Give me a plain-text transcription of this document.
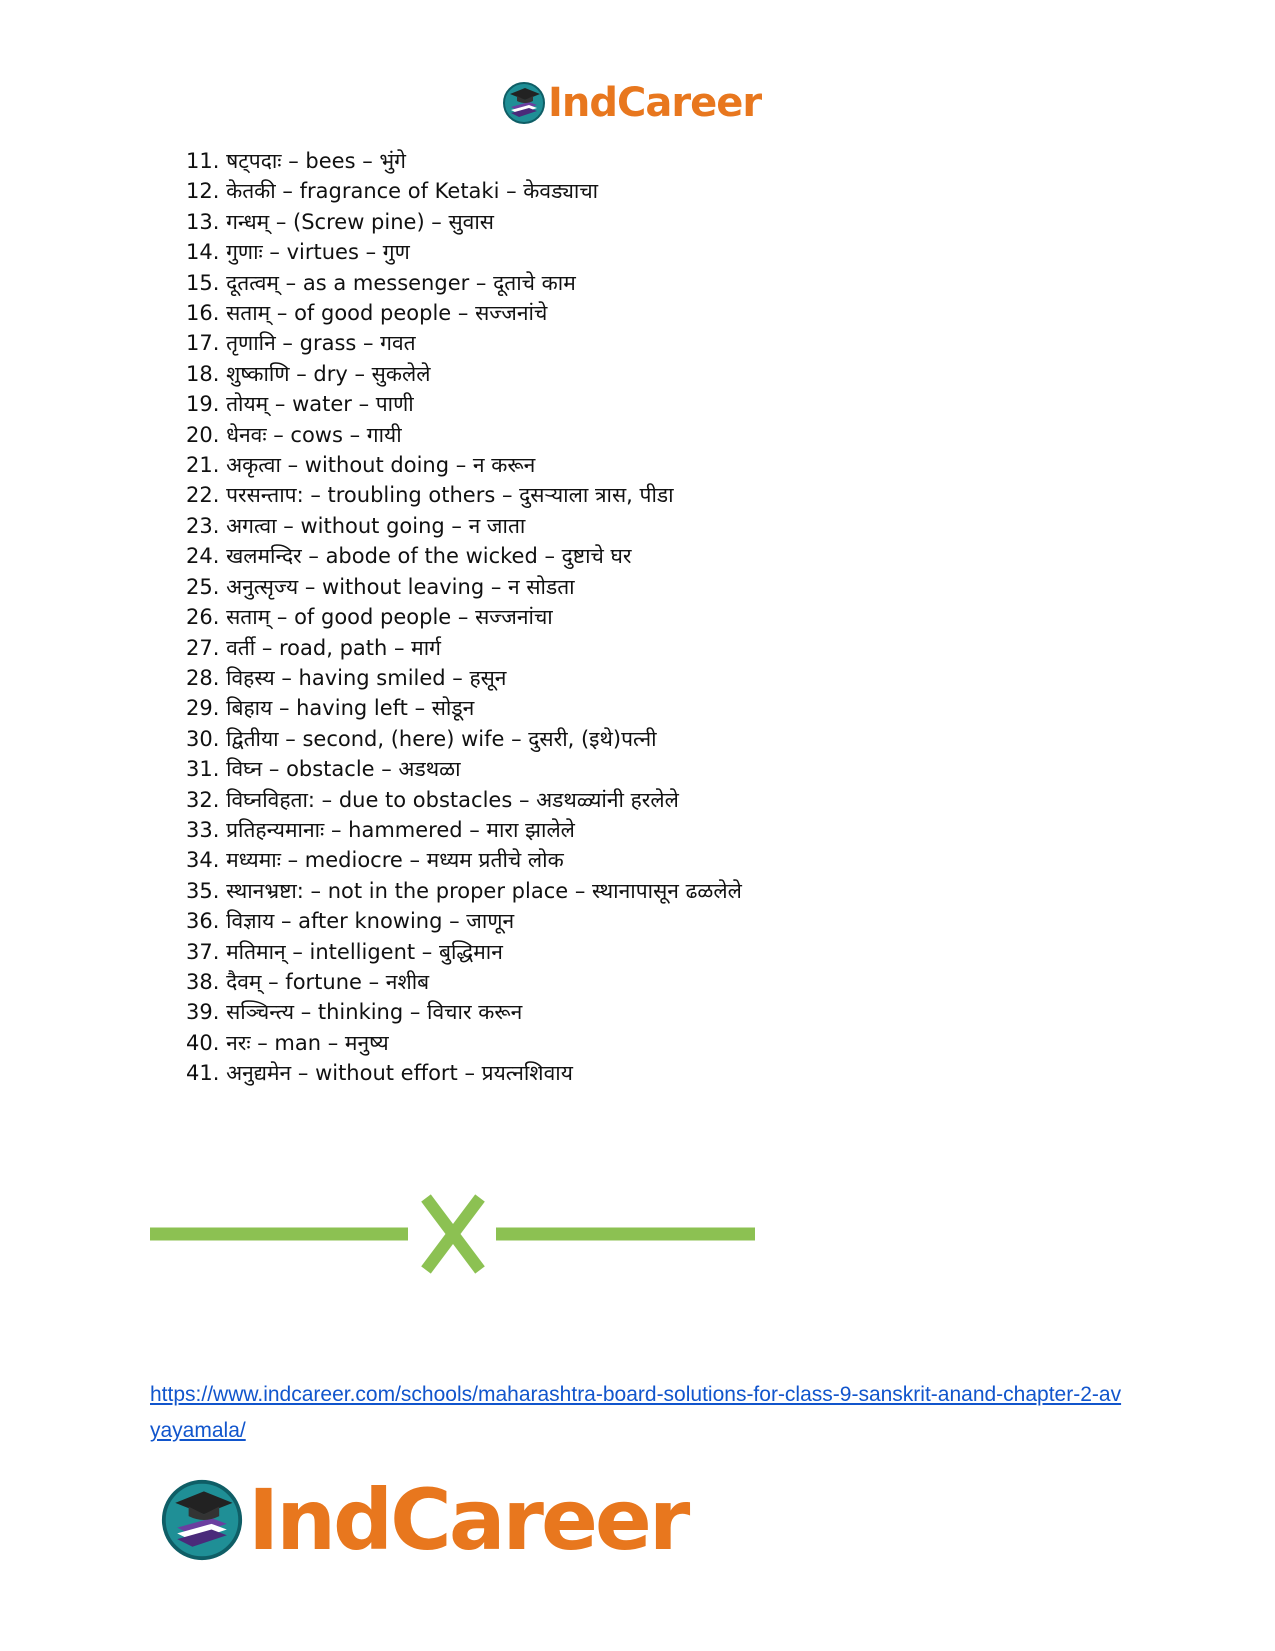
IndCareer
11. षट्पदाः – bees – भुंगे
12. केतकी – fragrance of Ketaki – केवड्याचा
13. गन्धम् – (Screw pine) – सुवास
14. गुणाः – virtues – गुण
15. दूतत्वम् – as a messenger – दूताचे काम
16. सताम् – of good people – सज्जनांचे
17. तृणानि – grass – गवत
18. शुष्काणि – dry – सुकलेले
19. तोयम् – water – पाणी
20. धेनवः – cows – गायी
21. अकृत्वा – without doing – न करून
22. परसन्ताप: – troubling others – दुसऱ्याला त्रास, पीडा
23. अगत्वा – without going – न जाता
24. खलमन्दिर – abode of the wicked – दुष्टाचे घर
25. अनुत्सृज्य – without leaving – न सोडता
26. सताम् – of good people – सज्जनांचा
27. वर्ती – road, path – मार्ग
28. विहस्य – having smiled – हसून
29. बिहाय – having left – सोडून
30. द्वितीया – second, (here) wife – दुसरी, (इथे)पत्नी
31. विघ्न – obstacle – अडथळा
32. विघ्नविहता: – due to obstacles – अडथळ्यांनी हरलेले
33. प्रतिहन्यमानाः – hammered – मारा झालेले
34. मध्यमाः – mediocre – मध्यम प्रतीचे लोक
35. स्थानभ्रष्टा: – not in the proper place – स्थानापासून ढळलेले
36. विज्ञाय – after knowing – जाणून
37. मतिमान् – intelligent – बुद्धिमान
38. दैवम् – fortune – नशीब
39. सञ्चिन्त्य – thinking – विचार करून
40. नरः – man – मनुष्य
41. अनुद्यमेन – without effort – प्रयत्नशिवाय
https://www.indcareer.com/schools/maharashtra-board-solutions-for-class-9-sanskrit-anand-chapter-2-avyayamala/
IndCareer
